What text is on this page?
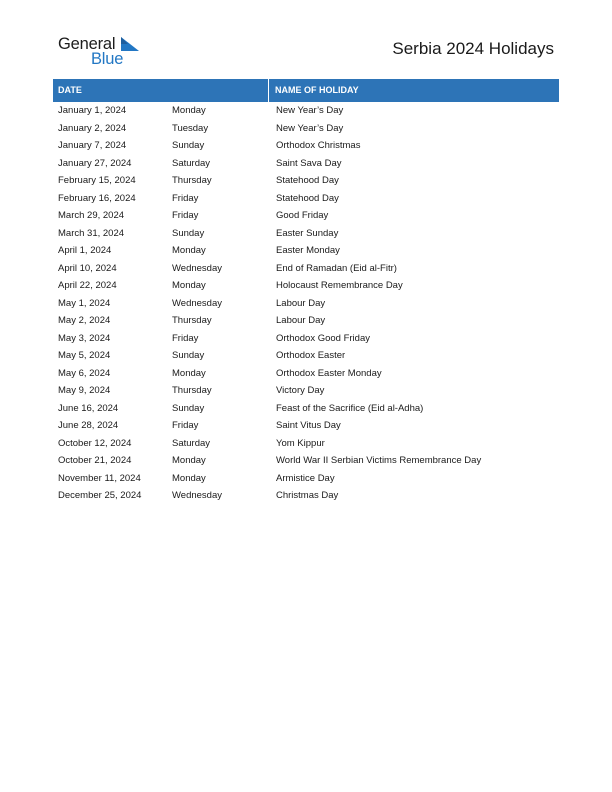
General
Blue
Serbia 2024 Holidays
DATE	NAME OF HOLIDAY
January 1, 2024	Monday	New Year’s Day
January 2, 2024	Tuesday	New Year’s Day
January 7, 2024	Sunday	Orthodox Christmas
January 27, 2024	Saturday	Saint Sava Day
February 15, 2024	Thursday	Statehood Day
February 16, 2024	Friday	Statehood Day
March 29, 2024	Friday	Good Friday
March 31, 2024	Sunday	Easter Sunday
April 1, 2024	Monday	Easter Monday
April 10, 2024	Wednesday	End of Ramadan (Eid al-Fitr)
April 22, 2024	Monday	Holocaust Remembrance Day
May 1, 2024	Wednesday	Labour Day
May 2, 2024	Thursday	Labour Day
May 3, 2024	Friday	Orthodox Good Friday
May 5, 2024	Sunday	Orthodox Easter
May 6, 2024	Monday	Orthodox Easter Monday
May 9, 2024	Thursday	Victory Day
June 16, 2024	Sunday	Feast of the Sacrifice (Eid al-Adha)
June 28, 2024	Friday	Saint Vitus Day
October 12, 2024	Saturday	Yom Kippur
October 21, 2024	Monday	World War II Serbian Victims Remembrance Day
November 11, 2024	Monday	Armistice Day
December 25, 2024	Wednesday	Christmas Day
